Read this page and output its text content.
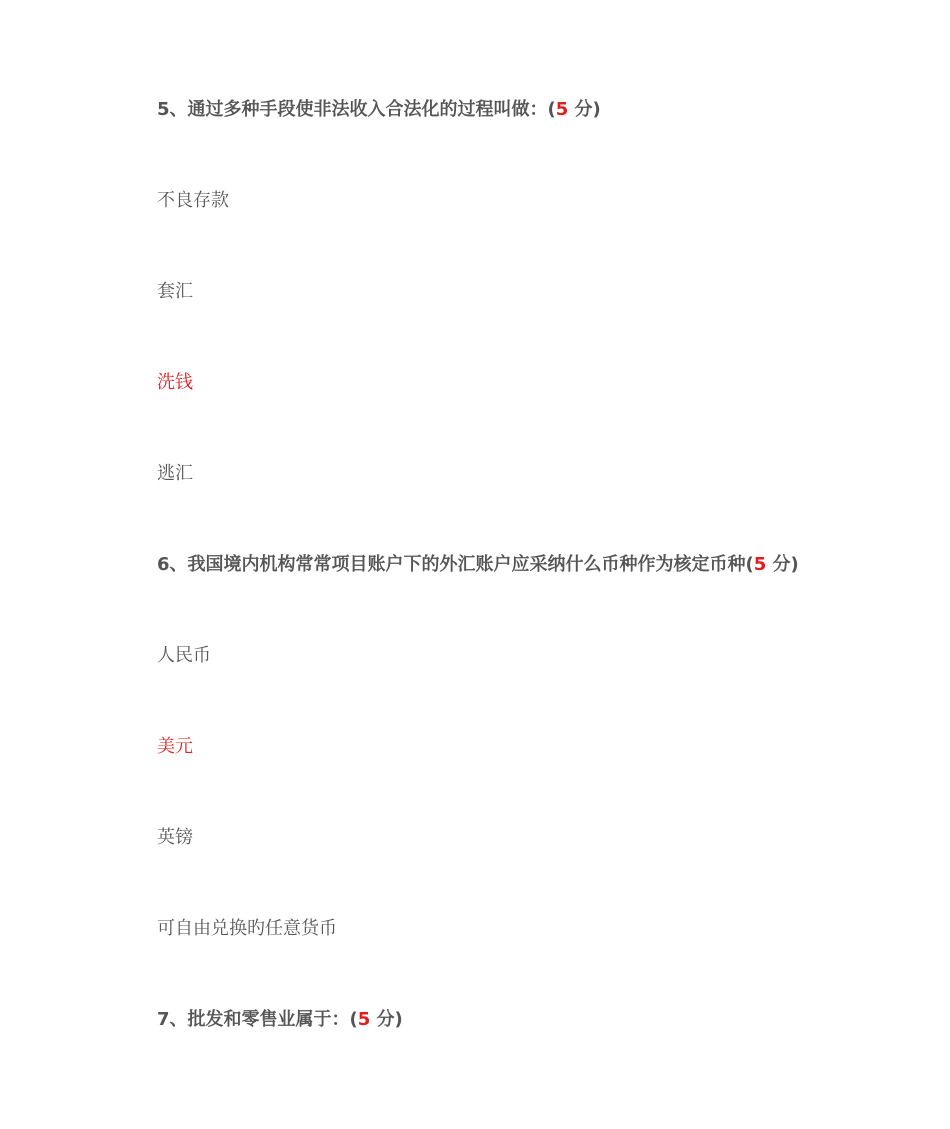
5、通过多种手段使非法收入合法化的过程叫做：(5 分)
不良存款
套汇
洗钱
逃汇
6、我国境内机构常常项目账户下的外汇账户应采纳什么币种作为核定币种(5 分)
人民币
美元
英镑
可自由兑换旳任意货币
7、批发和零售业属于：(5 分)
